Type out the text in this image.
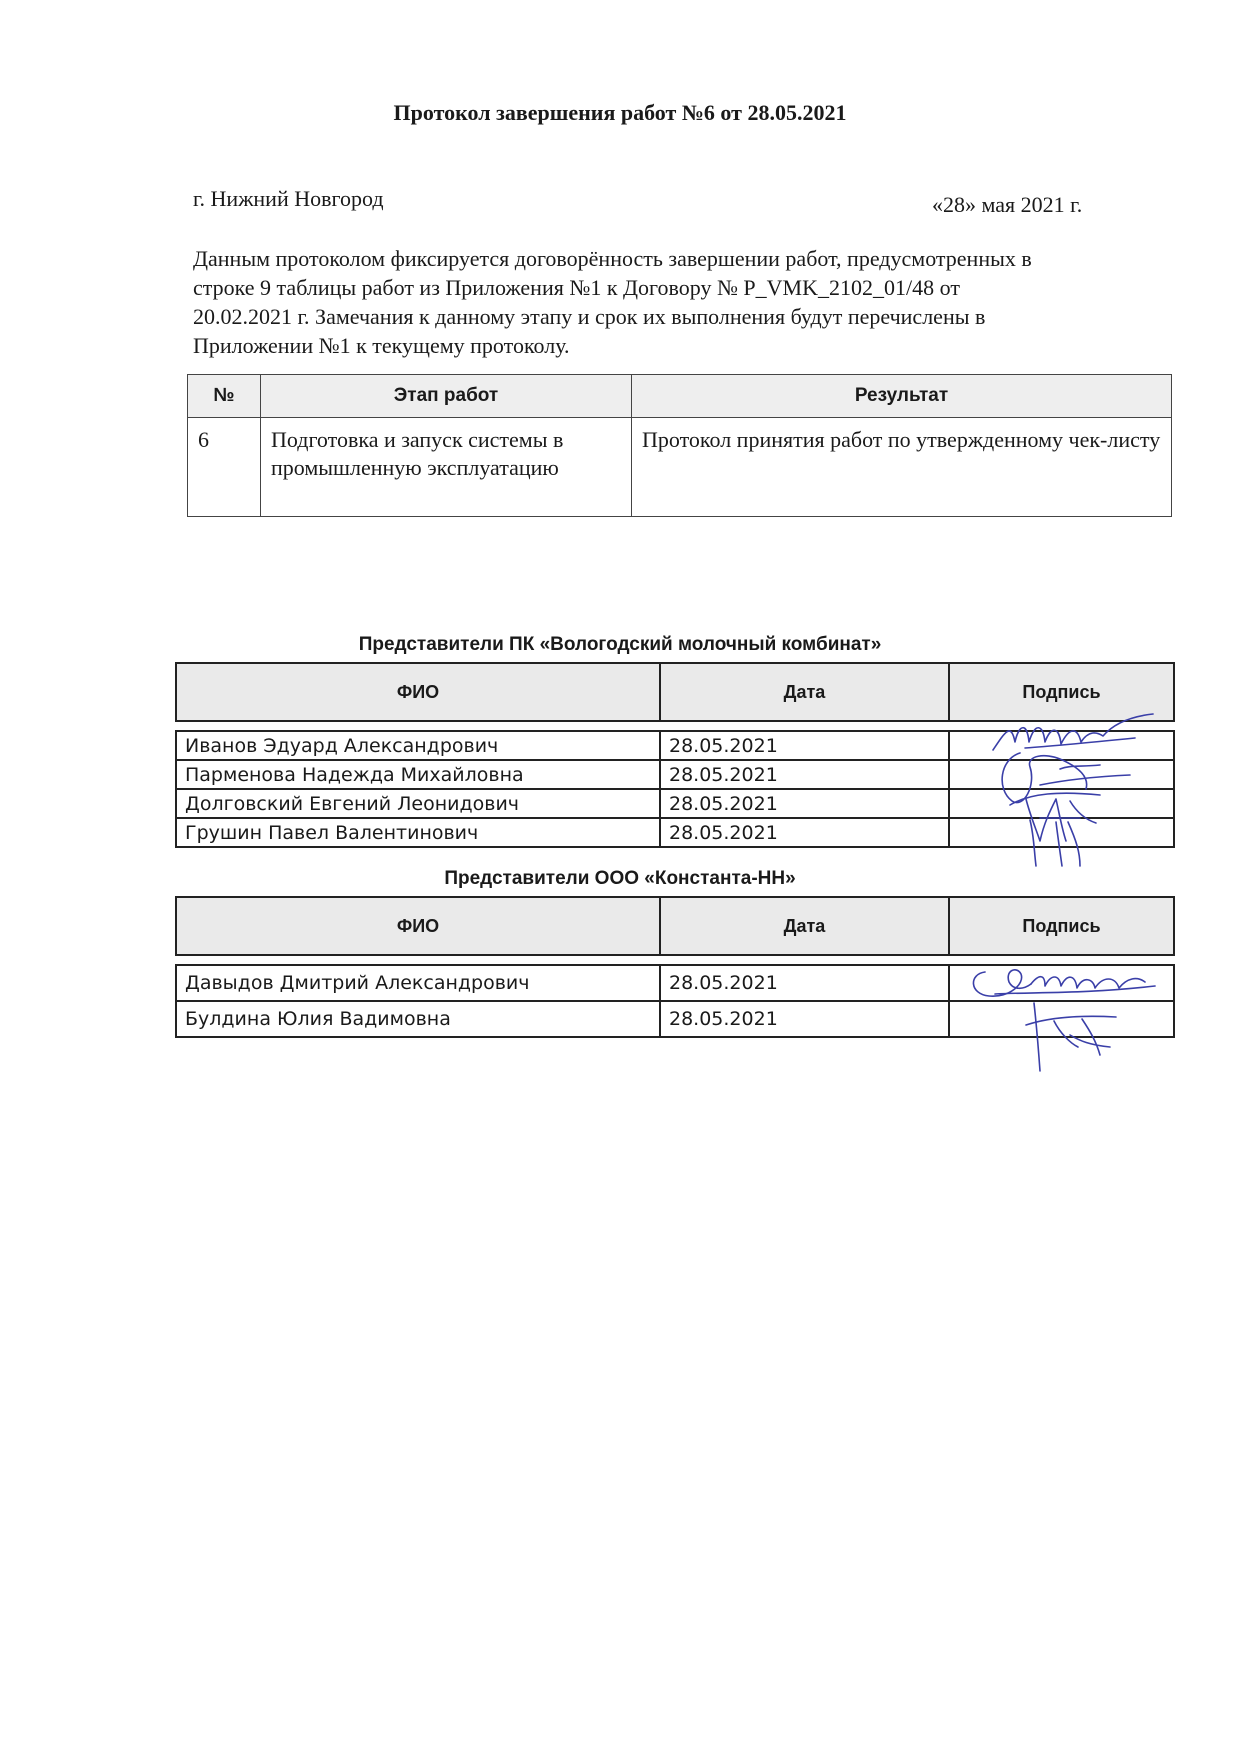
Протокол завершения работ №6 от 28.05.2021
г. Нижний Новгород	«28» мая 2021 г.
Данным протоколом фиксируется договорённость завершении работ, предусмотренных в
строке 9 таблицы работ из Приложения №1 к Договору № Р_VMK_2102_01/48 от
20.02.2021 г. Замечания к данному этапу и срок их выполнения будут перечислены в
Приложении №1 к текущему протоколу.
№	Этап работ	Результат
6	Подготовка и запуск системы в промышленную эксплуатацию	Протокол принятия работ по утвержденному чек-листу
Представители ПК «Вологодский молочный комбинат»
ФИО	Дата	Подпись

Иванов Эдуард Александрович	28.05.2021	
Парменова Надежда Михайловна	28.05.2021	
Долговский Евгений Леонидович	28.05.2021	
Грушин Павел Валентинович	28.05.2021	
Представители ООО «Константа-НН»
ФИО	Дата	Подпись

Давыдов Дмитрий Александрович	28.05.2021	
Булдина Юлия Вадимовна	28.05.2021	
